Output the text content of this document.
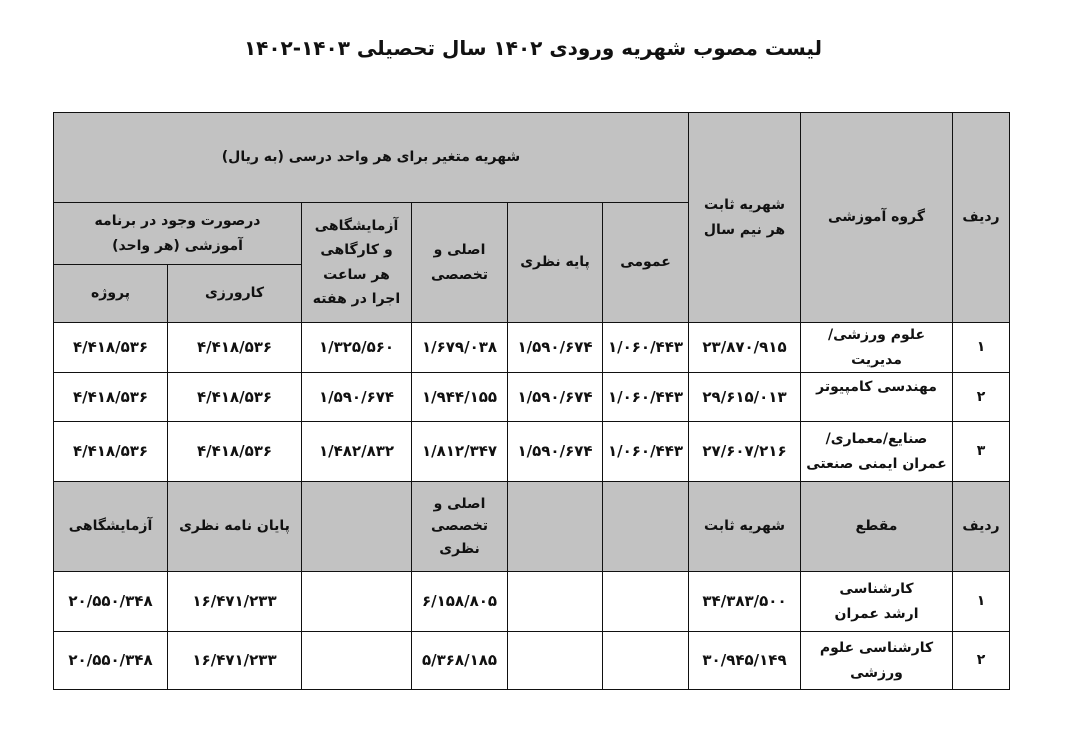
لیست مصوب شهریه ورودی ۱۴۰۲ سال تحصیلی ۱۴۰۳-۱۴۰۲
ردیف
گروه آموزشی
شهریه ثابت هر نیم سال
شهریه متغیر برای هر واحد درسی (به ریال)
عمومی
پایه نظری
اصلی و تخصصی
آزمایشگاهی و کارگاهی هر ساعت اجرا در هفته
درصورت وجود در برنامه آموزشی (هر واحد)
کارورزی
پروژه
۱
علوم ورزشی/مدیریت
۲۳/۸۷۰/۹۱۵
۱/۰۶۰/۴۴۳
۱/۵۹۰/۶۷۴
۱/۶۷۹/۰۳۸
۱/۳۲۵/۵۶۰
۴/۴۱۸/۵۳۶
۴/۴۱۸/۵۳۶
۲
مهندسی کامپیوتر
۲۹/۶۱۵/۰۱۳
۱/۰۶۰/۴۴۳
۱/۵۹۰/۶۷۴
۱/۹۴۴/۱۵۵
۱/۵۹۰/۶۷۴
۴/۴۱۸/۵۳۶
۴/۴۱۸/۵۳۶
۳
صنایع/معماری/عمران ایمنی صنعتی
۲۷/۶۰۷/۲۱۶
۱/۰۶۰/۴۴۳
۱/۵۹۰/۶۷۴
۱/۸۱۲/۳۴۷
۱/۴۸۲/۸۳۲
۴/۴۱۸/۵۳۶
۴/۴۱۸/۵۳۶
ردیف
مقطع
شهریه ثابت
اصلی و تخصصی نظری
پایان نامه نظری
آزمایشگاهی
۱
کارشناسی ارشد عمران
۳۴/۳۸۳/۵۰۰
۶/۱۵۸/۸۰۵
۱۶/۴۷۱/۲۳۳
۲۰/۵۵۰/۳۴۸
۲
کارشناسی علوم ورزشی
۳۰/۹۴۵/۱۴۹
۵/۳۶۸/۱۸۵
۱۶/۴۷۱/۲۳۳
۲۰/۵۵۰/۳۴۸
